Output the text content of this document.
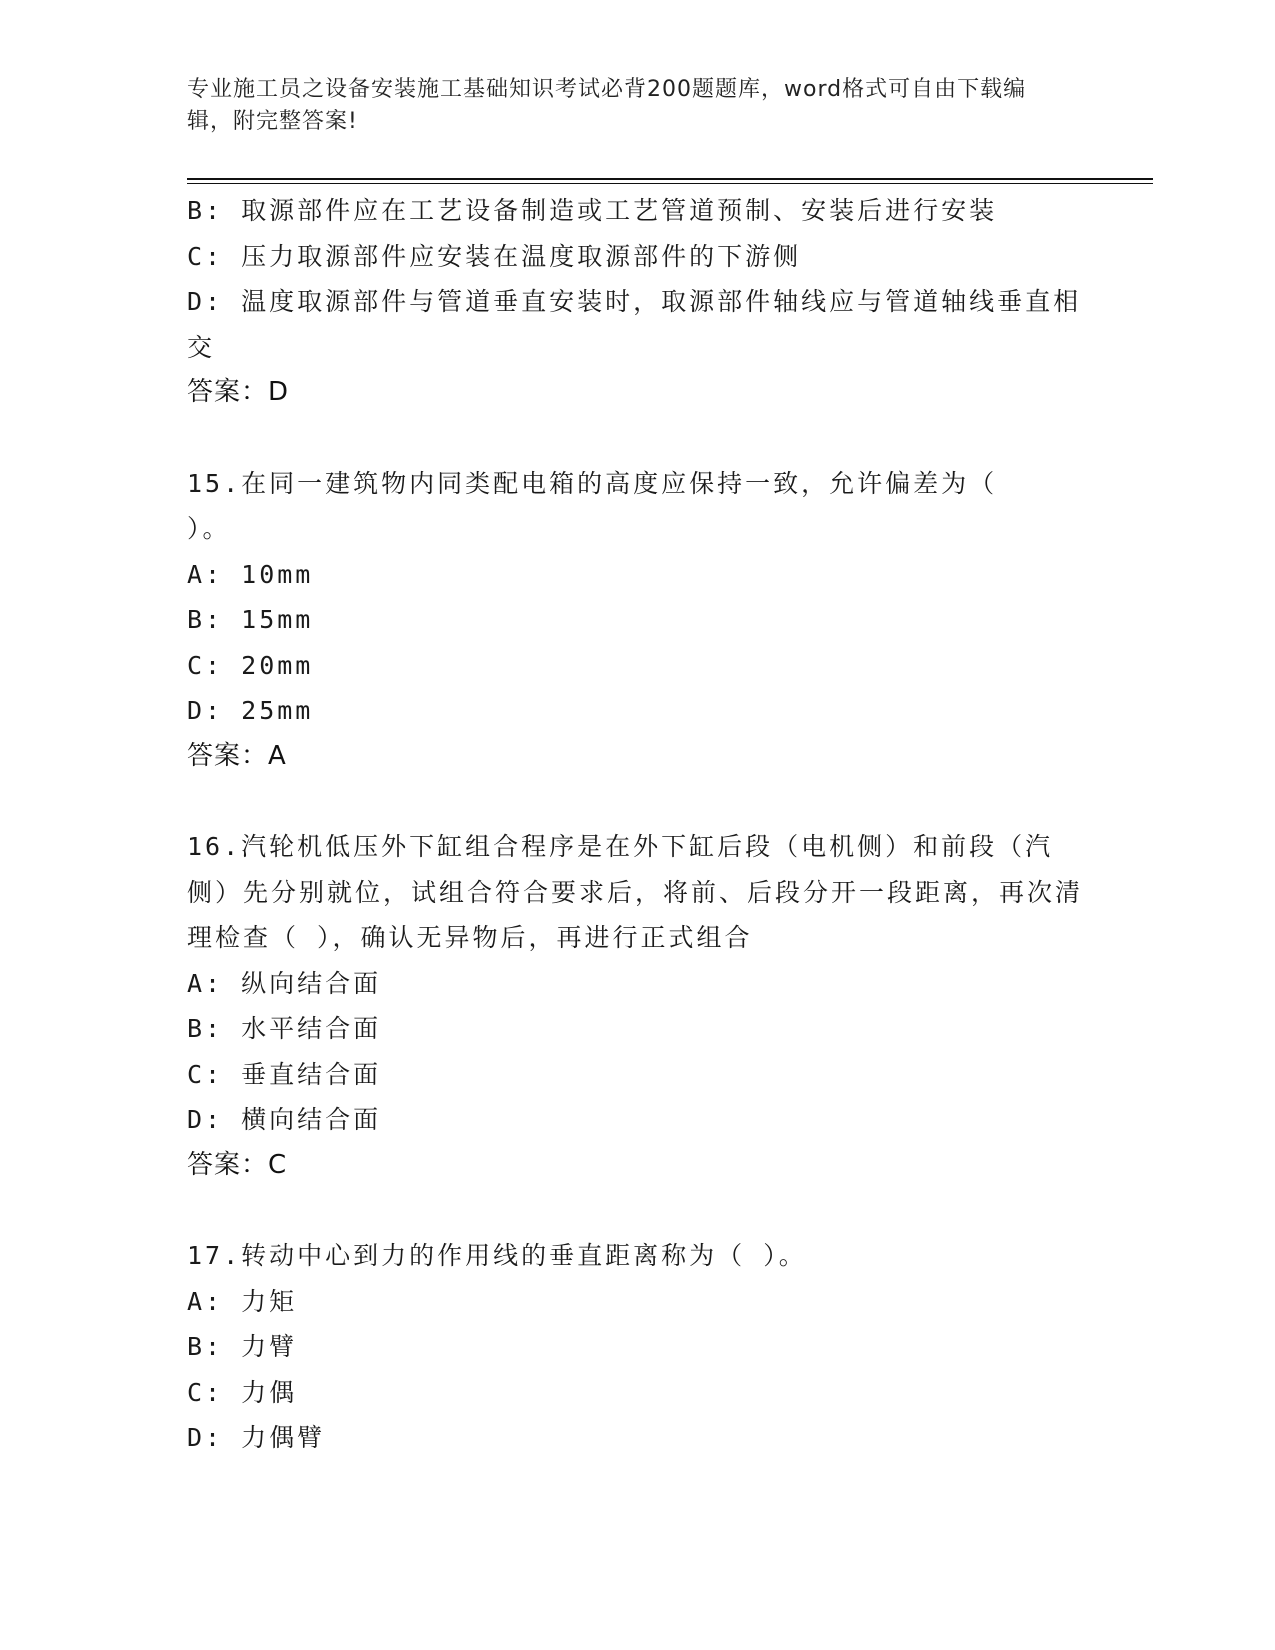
专业施工员之设备安装施工基础知识考试必背200题题库，word格式可自由下载编辑，附完整答案!
B: 取源部件应在工艺设备制造或工艺管道预制、安装后进行安装
C: 压力取源部件应安装在温度取源部件的下游侧
D: 温度取源部件与管道垂直安装时，取源部件轴线应与管道轴线垂直相交
答案：D
15.在同一建筑物内同类配电箱的高度应保持一致，允许偏差为（ ）。
A: 10mm
B: 15mm
C: 20mm
D: 25mm
答案：A
16.汽轮机低压外下缸组合程序是在外下缸后段（电机侧）和前段（汽侧）先分别就位，试组合符合要求后，将前、后段分开一段距离，再次清理检查（ ），确认无异物后，再进行正式组合
A: 纵向结合面
B: 水平结合面
C: 垂直结合面
D: 横向结合面
答案：C
17.转动中心到力的作用线的垂直距离称为（ ）。
A: 力矩
B: 力臂
C: 力偶
D: 力偶臂
